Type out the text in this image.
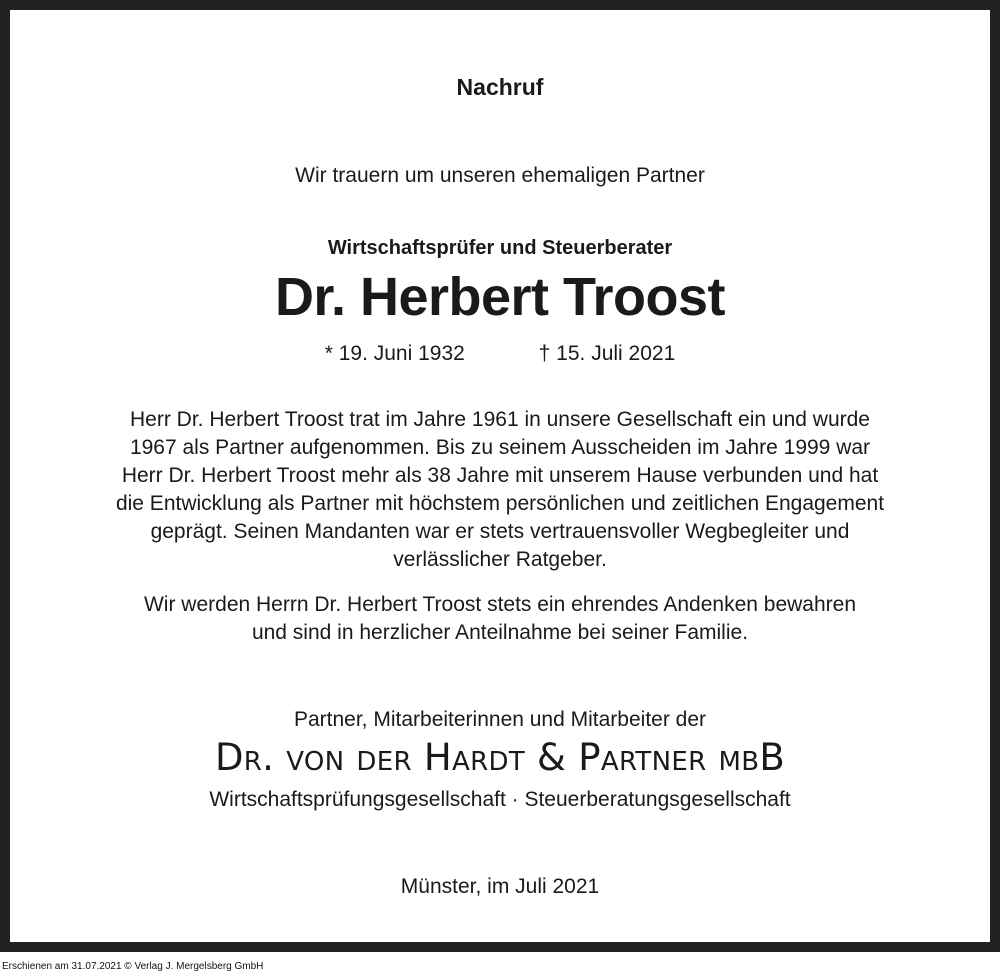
Nachruf
Wir trauern um unseren ehemaligen Partner
Wirtschaftsprüfer und Steuerberater
Dr. Herbert Troost
* 19. Juni 1932	† 15. Juli 2021
Herr Dr. Herbert Troost trat im Jahre 1961 in unsere Gesellschaft ein und wurde
1967 als Partner aufgenommen. Bis zu seinem Ausscheiden im Jahre 1999 war
Herr Dr. Herbert Troost mehr als 38 Jahre mit unserem Hause verbunden und hat
die Entwicklung als Partner mit höchstem persönlichen und zeitlichen Engagement
geprägt. Seinen Mandanten war er stets vertrauensvoller Wegbegleiter und
verlässlicher Ratgeber.
Wir werden Herrn Dr. Herbert Troost stets ein ehrendes Andenken bewahren
und sind in herzlicher Anteilnahme bei seiner Familie.
Partner, Mitarbeiterinnen und Mitarbeiter der
Dr. von der Hardt & Partner mbB
Wirtschaftsprüfungsgesellschaft · Steuerberatungsgesellschaft
Münster, im Juli 2021
Erschienen am 31.07.2021 © Verlag J. Mergelsberg GmbH
